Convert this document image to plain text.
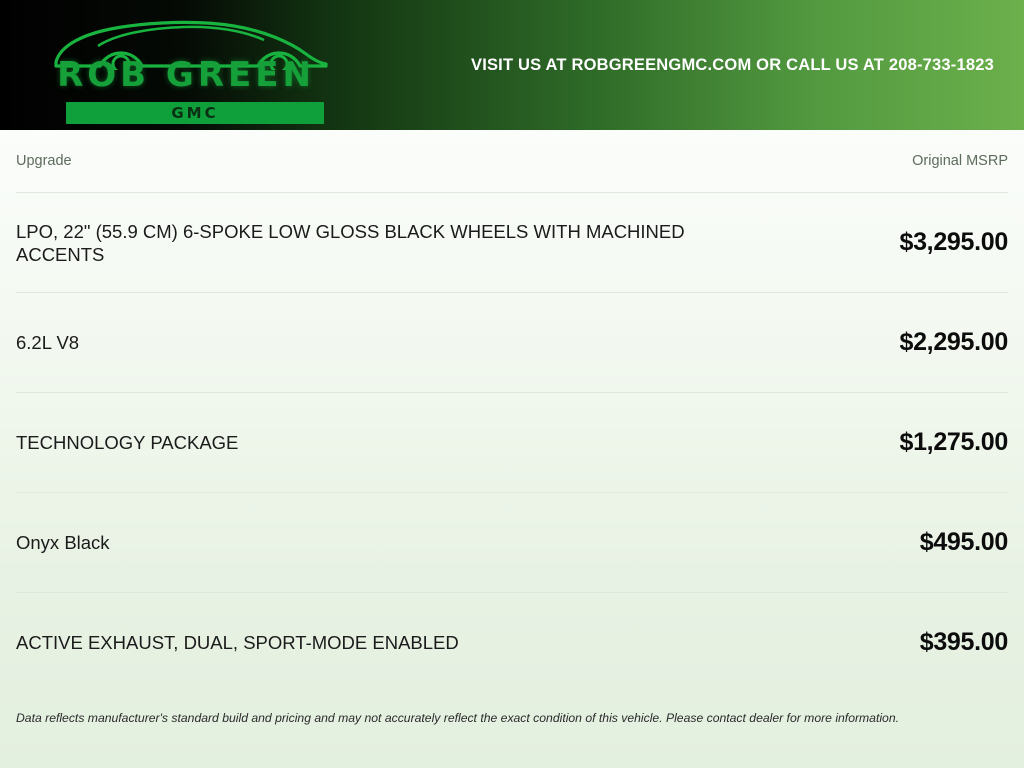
ROB GREEN
GMC
VISIT US AT ROBGREENGMC.COM OR CALL US AT 208-733-1823
Upgrade	Original MSRP
LPO, 22" (55.9 CM) 6-SPOKE LOW GLOSS BLACK WHEELS WITH MACHINED ACCENTS	$3,295.00
6.2L V8	$2,295.00
TECHNOLOGY PACKAGE	$1,275.00
Onyx Black	$495.00
ACTIVE EXHAUST, DUAL, SPORT-MODE ENABLED	$395.00
Data reflects manufacturer's standard build and pricing and may not accurately reflect the exact condition of this vehicle. Please contact dealer for more information.
